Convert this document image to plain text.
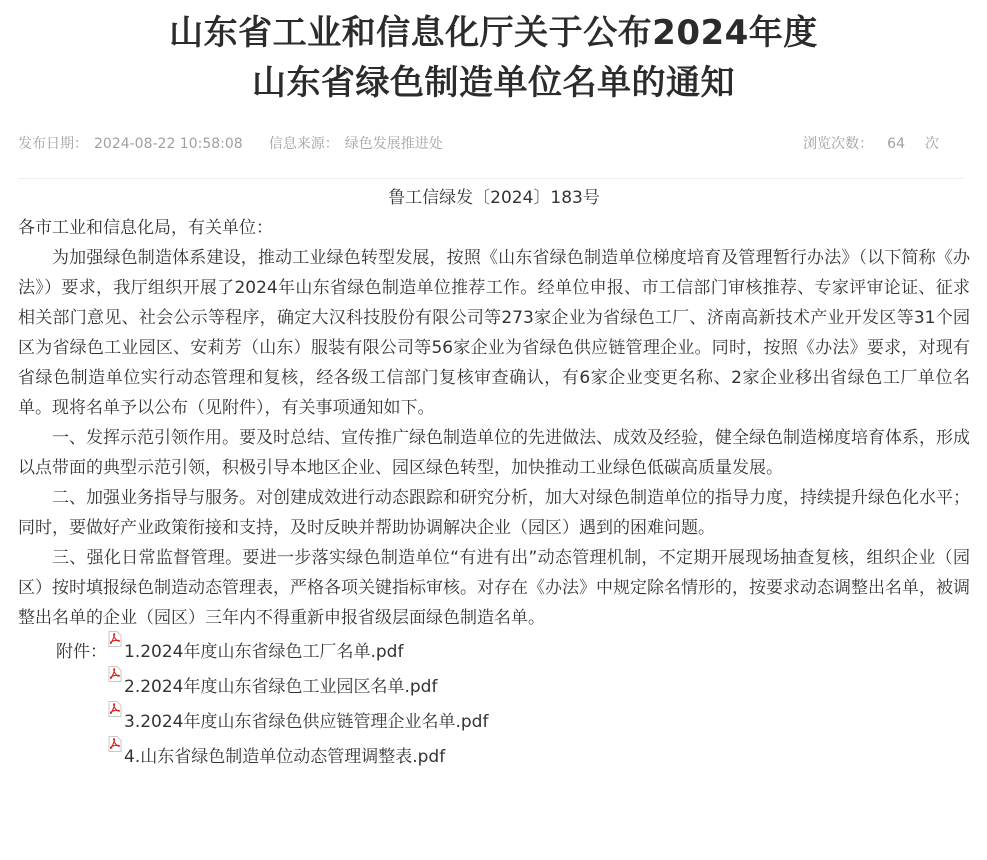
山东省工业和信息化厅关于公布2024年度
山东省绿色制造单位名单的通知
发布日期： 2024-08-22 10:58:08 信息来源： 绿色发展推进处	浏览次数： 64 次

鲁工信绿发〔2024〕183号

各市工业和信息化局，有关单位：

为加强绿色制造体系建设，推动工业绿色转型发展，按照《山东省绿色制造单位梯度培育及管理暂行办法》（以下简称《办法》）要求，我厅组织开展了2024年山东省绿色制造单位推荐工作。经单位申报、市工信部门审核推荐、专家评审论证、征求相关部门意见、社会公示等程序，确定大汉科技股份有限公司等273家企业为省绿色工厂、济南高新技术产业开发区等31个园区为省绿色工业园区、安莉芳（山东）服装有限公司等56家企业为省绿色供应链管理企业。同时，按照《办法》要求，对现有省绿色制造单位实行动态管理和复核，经各级工信部门复核审查确认，有6家企业变更名称、2家企业移出省绿色工厂单位名单。现将名单予以公布（见附件），有关事项通知如下。

一、发挥示范引领作用。要及时总结、宣传推广绿色制造单位的先进做法、成效及经验，健全绿色制造梯度培育体系，形成以点带面的典型示范引领，积极引导本地区企业、园区绿色转型，加快推动工业绿色低碳高质量发展。

二、加强业务指导与服务。对创建成效进行动态跟踪和研究分析，加大对绿色制造单位的指导力度，持续提升绿色化水平；同时，要做好产业政策衔接和支持，及时反映并帮助协调解决企业（园区）遇到的困难问题。

三、强化日常监督管理。要进一步落实绿色制造单位“有进有出”动态管理机制，不定期开展现场抽查复核，组织企业（园区）按时填报绿色制造动态管理表，严格各项关键指标审核。对存在《办法》中规定除名情形的，按要求动态调整出名单，被调整出名单的企业（园区）三年内不得重新申报省级层面绿色制造名单。

附件：	1.2024年度山东省绿色工厂名单.pdf
2.2024年度山东省绿色工业园区名单.pdf
3.2024年度山东省绿色供应链管理企业名单.pdf
4.山东省绿色制造单位动态管理调整表.pdf
